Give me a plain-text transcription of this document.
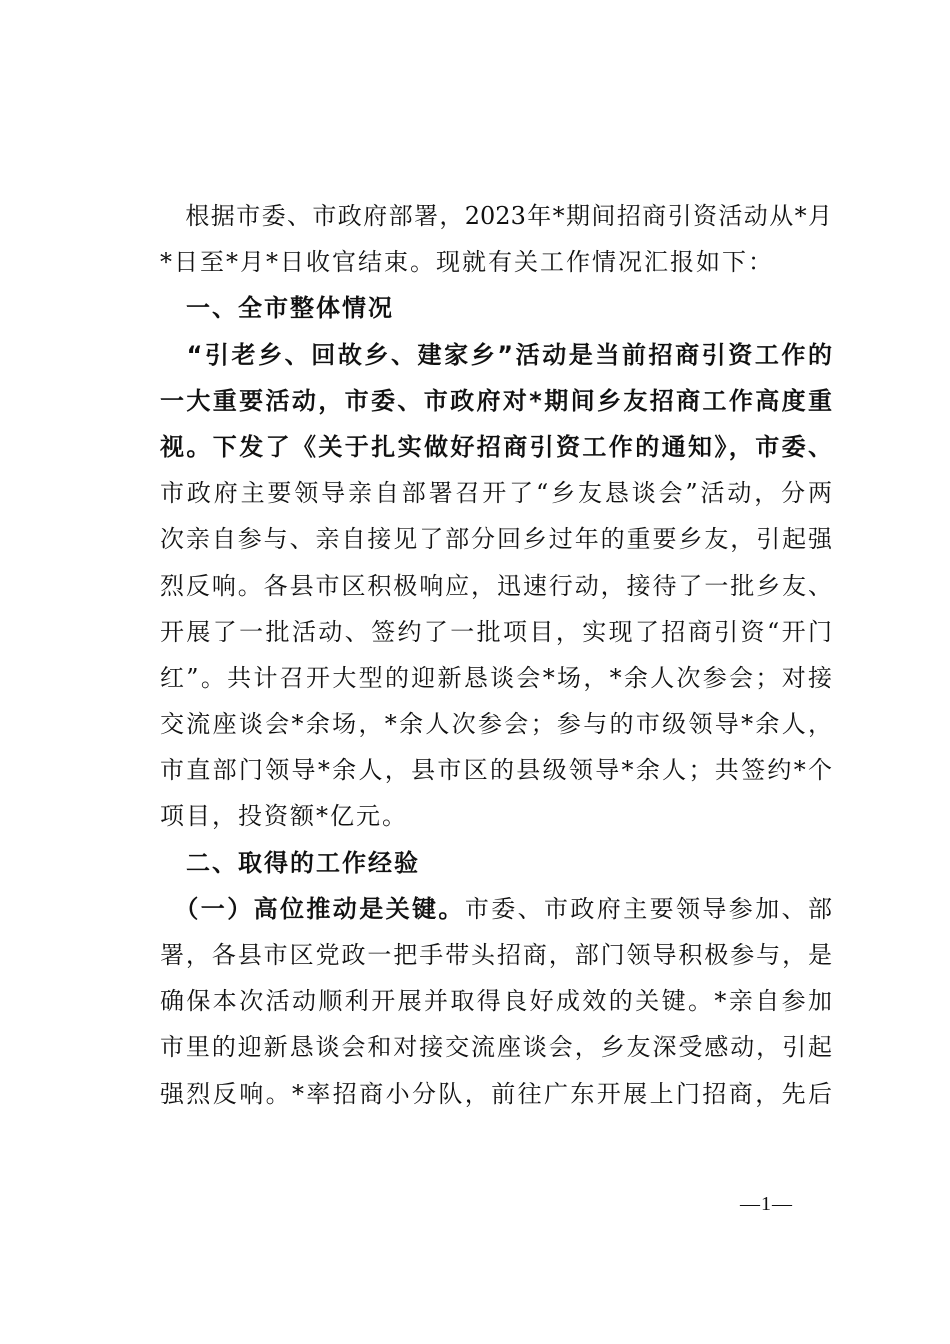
　根据市委、市政府部署，2023年*期间招商引资活动从*月
*日至*月*日收官结束。现就有关工作情况汇报如下：
　一、全市整体情况
　“引老乡、回故乡、建家乡”活动是当前招商引资工作的
一大重要活动，市委、市政府对*期间乡友招商工作高度重
视。下发了《关于扎实做好招商引资工作的通知》，市委、
市政府主要领导亲自部署召开了“乡友恳谈会”活动，分两
次亲自参与、亲自接见了部分回乡过年的重要乡友，引起强
烈反响。各县市区积极响应，迅速行动，接待了一批乡友、
开展了一批活动、签约了一批项目，实现了招商引资“开门
红”。共计召开大型的迎新恳谈会*场，*余人次参会；对接
交流座谈会*余场，*余人次参会；参与的市级领导*余人，
市直部门领导*余人，县市区的县级领导*余人；共签约*个
项目，投资额*亿元。
　二、取得的工作经验
　（一）高位推动是关键。市委、市政府主要领导参加、部
署，各县市区党政一把手带头招商，部门领导积极参与，是
确保本次活动顺利开展并取得良好成效的关键。*亲自参加
市里的迎新恳谈会和对接交流座谈会，乡友深受感动，引起
强烈反响。*率招商小分队，前往广东开展上门招商，先后
—1—
